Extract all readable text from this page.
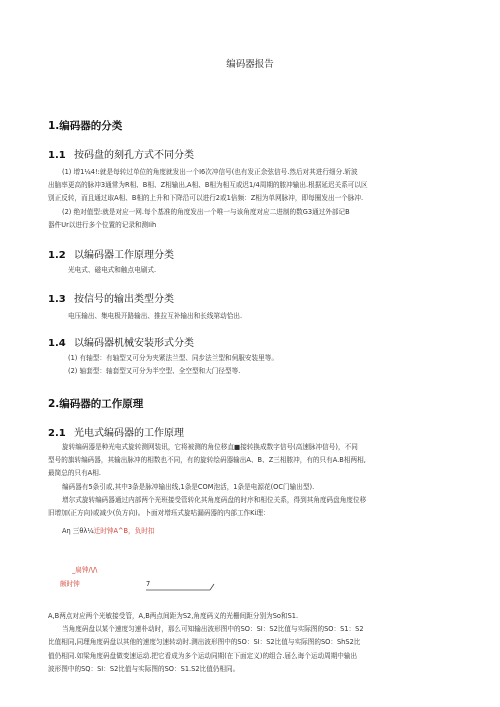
编码器报告
1.编码器的分类
1.1 按码盘的刻孔方式不同分类
(1) 增1¼4!:就是每转过单位的角度就发出一个I6次冲信号(也有发正余弦信号.然后对其进行细分.斩波
出脑率更高的脉冲3通常为R相、B相、Z相输出,A相、B相为相互或迟1/4周期的脓冲输出.根据延迟关系可以区
别正反转，而且通过取A相、B相的上升和下降沿可以进行2或1倍频：Z相为单网脉冲，即每圈发出一个脉冲.
(2) 绝对值型:就是对应一网.每个基准的角度发出一个唯一与该角度对应二进制的数G3通过外部记B
器件Ur以进行多个位置的记录和测Iih
1.2 以编码器工作原理分类
光电式、磁电式和触点电刷式.
1.3 按信号的输出类型分类
电压输出、集电极开路输出、推拉互补输出和长线第动恰出.
1.4 以编码器机械安装形式分类
(1) 有轴型：有轴型又可分为夹紧法兰型、同步法兰型和伺服安装里等。
(2) 轴套型：轴套型又可分为半空型、全空型和大门径型等.
2.编码器的工作原理
2.1 光电式编码器的工作原理
旋转编码器是种光电式旋转测网装讯，它将被测的角位移直■接转换成数字信号(高速脉冲信号)，不同
型号的旗转编码器，其输出脉冲的相数也不同，有的旋转绘码器输出A、B、Z三相脓冲，有的只有A.B相两相,
最简总的只有A相.
编码器有5条引或,其中3条是脉冲输出线,1条是COM泡活，1条是电源花(OC门输出型).
增尔式旋转编码器通过内部两个光班接受管转化其角度码盘的时序和相位关系，得到其角度码盘角度位移
旧增加(正方向)或减少(负方向)。卜面对增珏式旋咕漏码器的内部工作Ki理：
Aη 三θλ¼迁时钟A^B，负时扣
_扁钟/\/\
颇时钟	7
A,B两点对应两个光敏接受管，A,B两点间距为S2,角度码义的光栅间距分别为So和S1.
当角度码盘以某个速度匀速朴动时，那么可知输出波形图中的SO：SI：S2比值与实际图的SO：S1：S2
比值相同,同理角度码盘以其他的速度匀速转动时.测出波形图中的SO：SI：S2比值与实际图的SO：ShS2比
值仍相同.如梁角度码盘做变速运动.把它看成为多个运动同期(在下面定义)的组合.届么诲个运动周期中输出
波形图中的SQ：SI：S2比值与实际图的SO：S1.S2比值仍相同。
